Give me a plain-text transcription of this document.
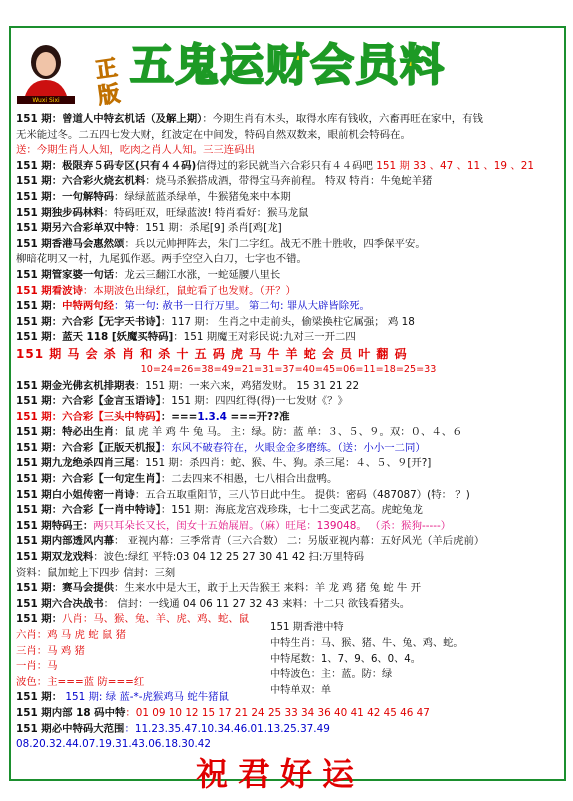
Wuxi Sixi
正
版
五鬼运财会员料
151 期：曾道人中特玄机话（及解上期）：今期生肖有木头，取得水库有钱收，六畜再旺在家中，有钱
无米能过冬。二五四七发大财，红波定在中间发，特码自然双数来，眼前机会特码在。
送：今期生肖人人知，吃肉之肖人人知。三三连码出
151 期：极限弃５码专区(只有４４码)信得过的彩民就当六合彩只有４４码吧 151 期 33 、47 、11 、19 、21
151 期：六合彩火烧玄机料：烧马杀猴搭成酒，带得宝马奔前程。 特双 特肖：牛兔蛇羊猪
151 期：一句解特码：绿绿蓝蓝杀绿单，牛猴猪兔来中本期
151 期独步码林料：特码旺双，旺绿蓝波! 特肖看好：猴马龙鼠
151 期另六合彩单双中特：151 期：杀尾[9] 杀肖[鸡[龙]
151 期香港马会惠然颂：兵以元帅押阵去，朱门二字红。战无不胜十胜收，四季保平安。
柳暗花明又一村，九尾狐作恶。两手空空入白刀，七字也不错。
151 期管家婆一句话：龙云三翻江水涨，一蛇延腰八里长
151 期看波诗：本期波色出绿红，鼠蛇看了也发财。（开？）
151 期：中特两句经：第一句: 赦书一日行万里。 第二句: 罪从大辟皆除死。
151 期：六合彩【无字天书诗】：117 期： 生肖之中走前头，偷梁换柱它属强； 鸡 18
151 期：蓝天 118 [妖魔买特码]：151 期魔王对彩民说:九对三一开二四
151 期 马 会 杀 肖 和 杀 十 五 码 虎 马 牛 羊 蛇 会 员 叶 翻 码
10=24=26=38=49=21=31=37=40=45=06=11=18=25=33
151 期金光佛玄机排期表：151 期：一来六来，鸡猪发财。 15 31 21 22
151 期：六合彩【金言玉语诗】：151 期：四四红得(得)一七发财《？》
151 期：六合彩【三头中特码】：===1.3.4 ===开??准
151 期：特必出生肖：鼠 虎 羊 鸡 牛 兔 马。 主：绿。防：蓝 单：３、５、９。双：０、４、６
151 期：六合彩【正版天机报】：东风不破春符在，火眼金金多磨练。（送：小小一二同）
151 期九龙绝杀四肖三尾：151 期：杀四肖：蛇、猴、牛、狗。杀三尾：４、５、９[开?]
151 期：六合彩【一句定生肖】：二去四来不相愚，七八相合出盘鸭。
151 期白小姐传密一肖诗：五合五取重阳节，三八节日此中生。 提供：密码（487087）(特： ？)
151 期：六合彩【一肖中特诗】：151 期：海底龙宫戏珍珠，七十二变武艺高。虎蛇兔龙
151 期特码王：两只耳朵长又长，闺女十五始展眉。（麻）旺尾：139048。 （杀：猴狗-----）
151 期内部透风内幕： 亚视内幕：三季常青（三六合数） 二：另版亚视内幕：五好风光（羊后虎前）
151 期双龙戏料：波色:绿红 平特:03 04 12 25 27 30 41 42 扫:万里特码
资料：鼠加蛇上下四步 信封：三刻
151 期：赛马会提供：生来水中是大王，敢于上天告猴王 来料：羊 龙 鸡 猪 兔 蛇 牛 开
151 期六合决战书： 信封：一线通 04 06 11 27 32 43 来料：十二只 欲钱看猪头。
151 期：八肖：马、猴、兔、羊、虎、鸡、蛇、鼠
六肖：鸡 马 虎 蛇 鼠 猪
三肖：马 鸡 猪
一肖：马
波色：主===蓝 防===红
151 期： 151 期: 绿 蓝-*-虎猴鸡马 蛇牛猪鼠
151 期内部 18 码中特：01 09 10 12 15 17 21 24 25 33 34 36 40 41 42 45 46 47
151 期必中特码大范围：11.23.35.47.10.34.46.01.13.25.37.49
08.20.32.44.07.19.31.43.06.18.30.42
151 期香港中特
中特生肖：马、猴、猪、牛、兔、鸡、蛇。
中特尾数：1、7、9、6、0、4。
中特波色：主：蓝。防：绿
中特单双：单
祝君好运
